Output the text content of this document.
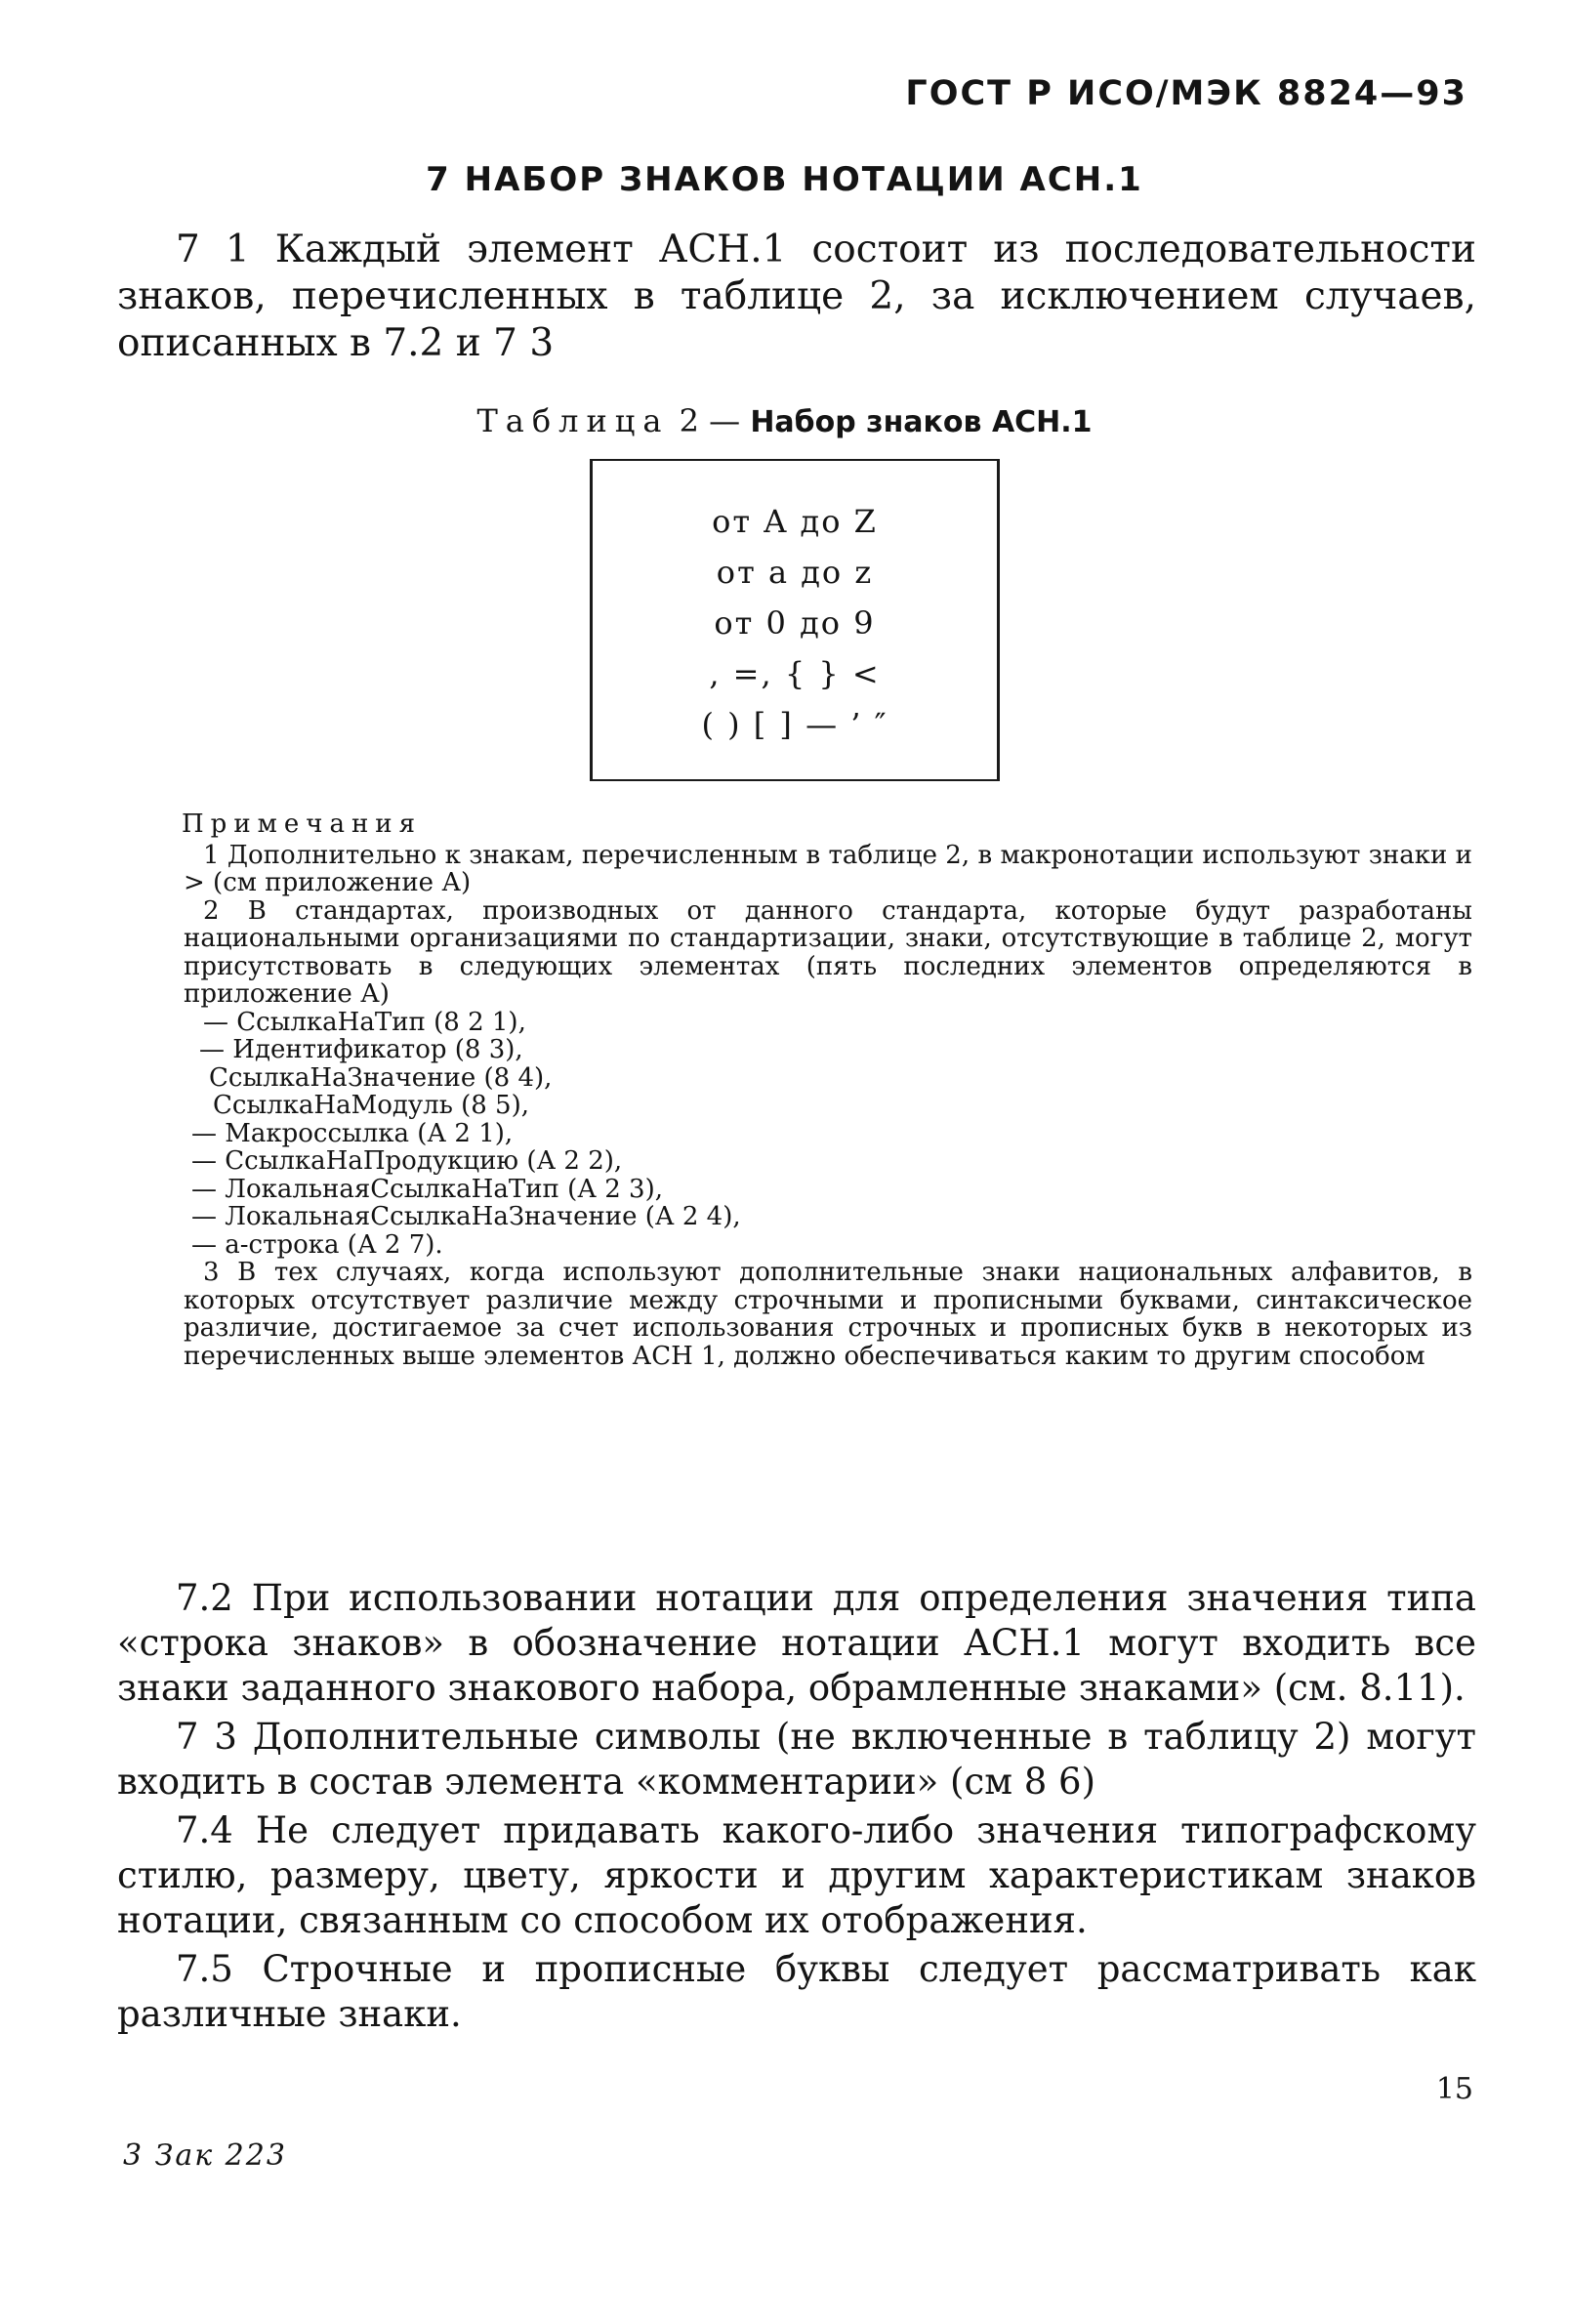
ГОСТ Р ИСО/МЭК 8824—93
7 НАБОР ЗНАКОВ НОТАЦИИ АСН.1
7 1 Каждый элемент АСН.1 состоит из последовательности знаков, перечисленных в таблице 2, за исключением случаев, описанных в 7.2 и 7 3
Таблица 2 — Набор знаков АСН.1
от A до Z
от a до z
от 0 до 9
, =, { } <
( ) [ ] — ’ ″
Примечания
1 Дополнительно к знакам, перечисленным в таблице 2, в макронотации используют знаки и > (см приложение А)
2 В стандартах, производных от данного стандарта, которые будут разработаны национальными организациями по стандартизации, знаки, отсутствующие в таблице 2, могут присутствовать в следующих элементах (пять последних элементов определяются в приложение А)
— СсылкаНаТип (8 2 1),
— Идентификатор (8 3),
СсылкаНаЗначение (8 4),
СсылкаНаМодуль (8 5),
— Макроссылка (А 2 1),
— СсылкаНаПродукцию (А 2 2),
— ЛокальнаяСсылкаНаТип (А 2 3),
— ЛокальнаяСсылкаНаЗначение (А 2 4),
— а-строка (А 2 7).
3 В тех случаях, когда используют дополнительные знаки национальных алфавитов, в которых отсутствует различие между строчными и прописными буквами, синтаксическое различие, достигаемое за счет использования строчных и прописных букв в некоторых из перечисленных выше элементов АСН 1, должно обеспечиваться каким то другим способом

7.2 При использовании нотации для определения значения типа «строка знаков» в обозначение нотации АСН.1 могут входить все знаки заданного знакового набора, обрамленные знаками» (см. 8.11).

7 3 Дополнительные символы (не включенные в таблицу 2) могут входить в состав элемента «комментарии» (см 8 6)

7.4 Не следует придавать какого-либо значения типографскому стилю, размеру, цвету, яркости и другим характеристикам знаков нотации, связанным со способом их отображения.

7.5 Строчные и прописные буквы следует рассматривать как различные знаки.

15
3 Зак 223
